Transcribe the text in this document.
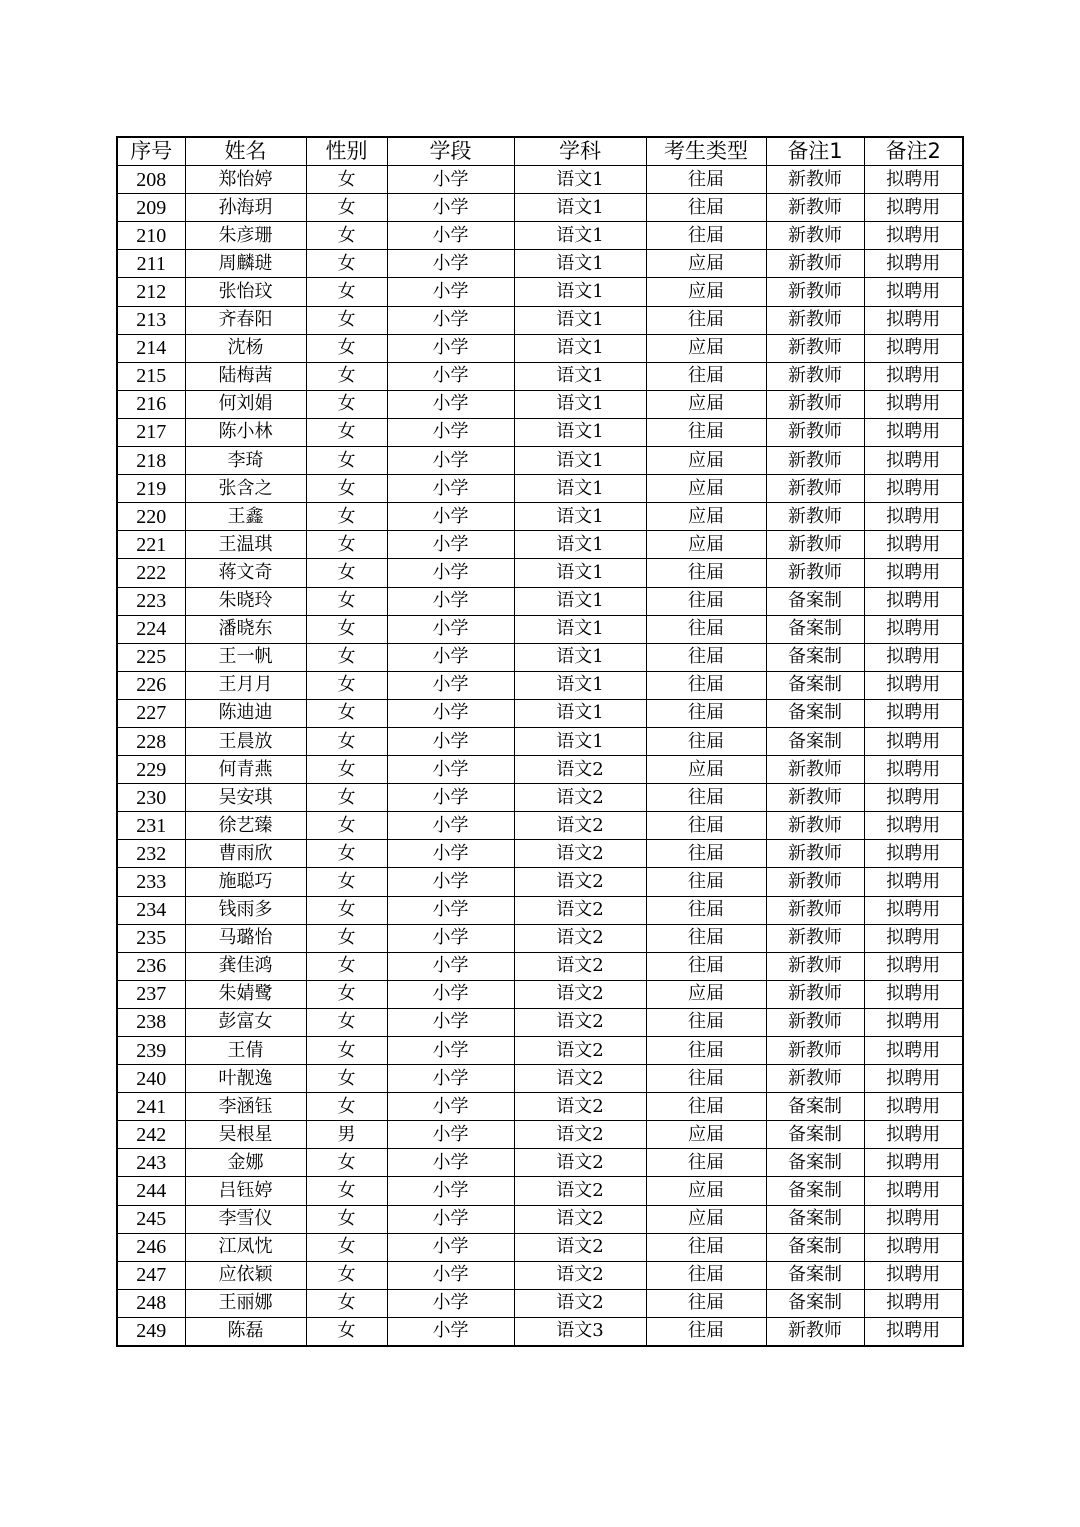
序号	姓名	性别	学段	学科	考生类型	备注1	备注2
208	郑怡婷	女	小学	语文1	往届	新教师	拟聘用
209	孙海玥	女	小学	语文1	往届	新教师	拟聘用
210	朱彦珊	女	小学	语文1	往届	新教师	拟聘用
211	周麟琎	女	小学	语文1	应届	新教师	拟聘用
212	张怡玟	女	小学	语文1	应届	新教师	拟聘用
213	齐春阳	女	小学	语文1	往届	新教师	拟聘用
214	沈杨	女	小学	语文1	应届	新教师	拟聘用
215	陆梅茜	女	小学	语文1	往届	新教师	拟聘用
216	何刘娟	女	小学	语文1	应届	新教师	拟聘用
217	陈小林	女	小学	语文1	往届	新教师	拟聘用
218	李琦	女	小学	语文1	应届	新教师	拟聘用
219	张含之	女	小学	语文1	应届	新教师	拟聘用
220	王鑫	女	小学	语文1	应届	新教师	拟聘用
221	王温琪	女	小学	语文1	应届	新教师	拟聘用
222	蒋文奇	女	小学	语文1	往届	新教师	拟聘用
223	朱晓玲	女	小学	语文1	往届	备案制	拟聘用
224	潘晓东	女	小学	语文1	往届	备案制	拟聘用
225	王一帆	女	小学	语文1	往届	备案制	拟聘用
226	王月月	女	小学	语文1	往届	备案制	拟聘用
227	陈迪迪	女	小学	语文1	往届	备案制	拟聘用
228	王晨放	女	小学	语文1	往届	备案制	拟聘用
229	何青燕	女	小学	语文2	应届	新教师	拟聘用
230	吴安琪	女	小学	语文2	往届	新教师	拟聘用
231	徐艺臻	女	小学	语文2	往届	新教师	拟聘用
232	曹雨欣	女	小学	语文2	往届	新教师	拟聘用
233	施聪巧	女	小学	语文2	往届	新教师	拟聘用
234	钱雨多	女	小学	语文2	往届	新教师	拟聘用
235	马璐怡	女	小学	语文2	往届	新教师	拟聘用
236	龚佳鸿	女	小学	语文2	往届	新教师	拟聘用
237	朱婧鹭	女	小学	语文2	应届	新教师	拟聘用
238	彭富女	女	小学	语文2	往届	新教师	拟聘用
239	王倩	女	小学	语文2	往届	新教师	拟聘用
240	叶靓逸	女	小学	语文2	往届	新教师	拟聘用
241	李涵钰	女	小学	语文2	往届	备案制	拟聘用
242	吴根星	男	小学	语文2	应届	备案制	拟聘用
243	金娜	女	小学	语文2	往届	备案制	拟聘用
244	吕钰婷	女	小学	语文2	应届	备案制	拟聘用
245	李雪仪	女	小学	语文2	应届	备案制	拟聘用
246	江凤忱	女	小学	语文2	往届	备案制	拟聘用
247	应依颖	女	小学	语文2	往届	备案制	拟聘用
248	王丽娜	女	小学	语文2	往届	备案制	拟聘用
249	陈磊	女	小学	语文3	往届	新教师	拟聘用
